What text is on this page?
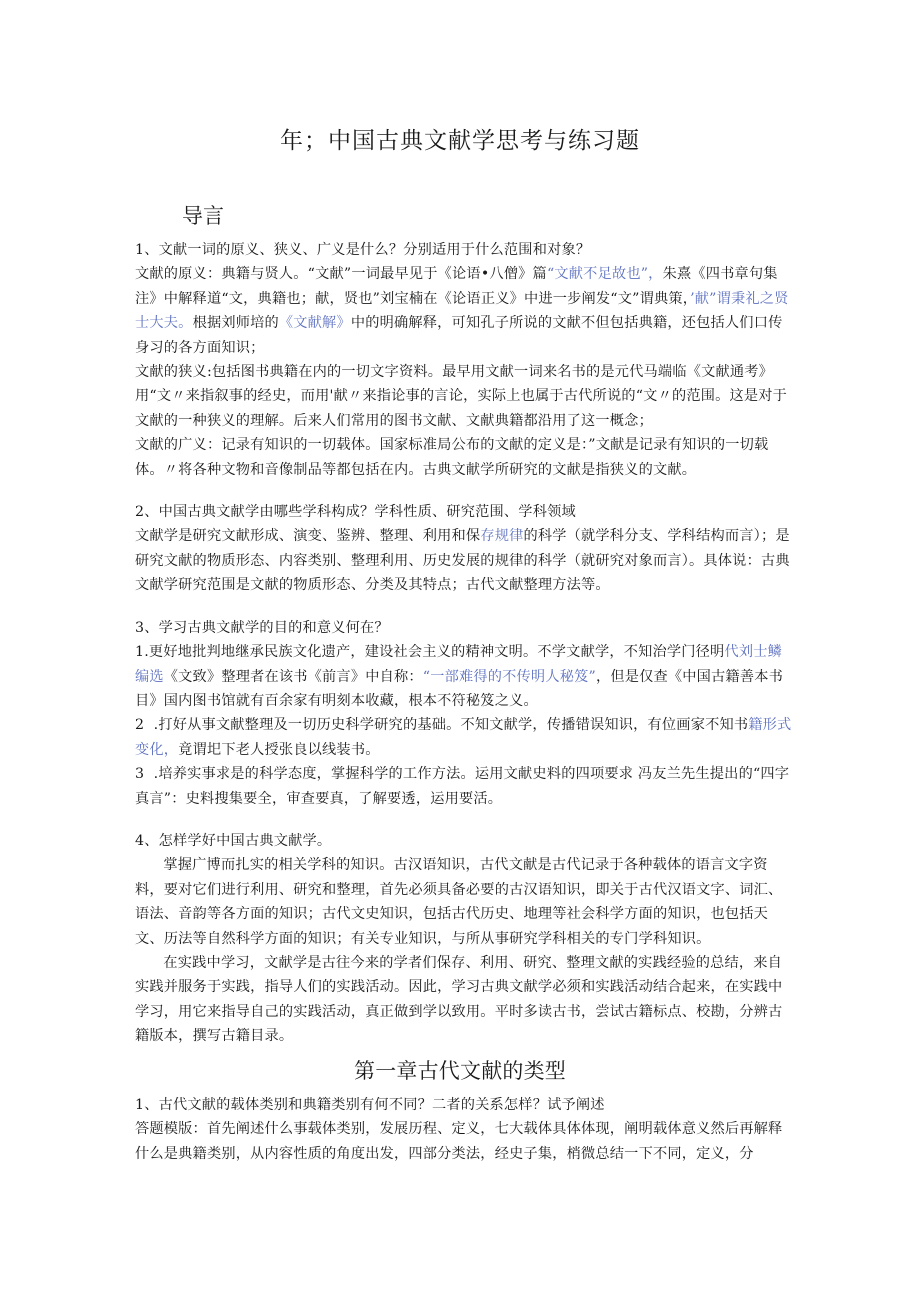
年；中国古典文献学思考与练习题
导言

1、文献一词的原义、狭义、广义是什么？分别适用于什么范围和对象？

文献的原义：典籍与贤人。“文献”一词最早见于《论语•八僧》篇“文献不足故也”，朱熹《四书章句集注》中解释道“文，典籍也；献，贤也”刘宝楠在《论语正义》中进一步阐发“文”谓典策，’献”谓秉礼之贤士大夫。根据刘师培的《文献解》中的明确解释，可知孔子所说的文献不但包括典籍，还包括人们口传身习的各方面知识；

文献的狭义:包括图书典籍在内的一切文字资料。最早用文献一词来名书的是元代马端临《文献通考》用“文〃来指叙事的经史，而用'献〃来指论事的言论，实际上也属于古代所说的“文〃的范围。这是对于文献的一种狭义的理解。后来人们常用的图书文献、文献典籍都沿用了这一概念；

文献的广义：记录有知识的一切载体。国家标准局公布的文献的定义是：”文献是记录有知识的一切载体。〃将各种文物和音像制品等都包括在内。古典文献学所研究的文献是指狭义的文献。

2、中国古典文献学由哪些学科构成？学科性质、研究范围、学科领域

文献学是研究文献形成、演变、鉴辨、整理、利用和保存规律的科学（就学科分支、学科结构而言）；是研究文献的物质形态、内容类别、整理利用、历史发展的规律的科学（就研究对象而言）。具体说：古典文献学研究范围是文献的物质形态、分类及其特点；古代文献整理方法等。

3、学习古典文献学的目的和意义何在？

1.更好地批判地继承民族文化遗产，建设社会主义的精神文明。不学文献学，不知治学门径明代刘士鳞编选《文致》整理者在该书《前言》中自称：“一部难得的不传明人秘笈”，但是仅查《中国古籍善本书目》国内图书馆就有百余家有明刻本收藏，根本不符秘笈之义。

2  .打好从事文献整理及一切历史科学研究的基础。不知文献学，传播错误知识，有位画家不知书籍形式变化，竟谓圯下老人授张良以线装书。

3  .培养实事求是的科学态度，掌握科学的工作方法。运用文献史料的四项要求 冯友兰先生提出的“四字真言”：史料搜集要全，审查要真，了解要透，运用要活。

4、怎样学好中国古典文献学。

掌握广博而扎实的相关学科的知识。古汉语知识，古代文献是古代记录于各种载体的语言文字资料，要对它们进行利用、研究和整理，首先必须具备必要的古汉语知识，即关于古代汉语文字、词汇、语法、音韵等各方面的知识；古代文史知识，包括古代历史、地理等社会科学方面的知识，也包括天文、历法等自然科学方面的知识；有关专业知识，与所从事研究学科相关的专门学科知识。

在实践中学习，文献学是古往今来的学者们保存、利用、研究、整理文献的实践经验的总结，来自实践并服务于实践，指导人们的实践活动。因此，学习古典文献学必须和实践活动结合起来，在实践中学习，用它来指导自己的实践活动，真正做到学以致用。平时多读古书，尝试古籍标点、校勘，分辨古籍版本，撰写古籍目录。

第一章古代文献的类型

1、古代文献的载体类别和典籍类别有何不同？二者的关系怎样？试予阐述

答题模版：首先阐述什么事载体类别，发展历程、定义，七大载体具体体现，阐明载体意义然后再解释什么是典籍类别，从内容性质的角度出发，四部分类法，经史子集，梢微总结一下不同，定义，分
